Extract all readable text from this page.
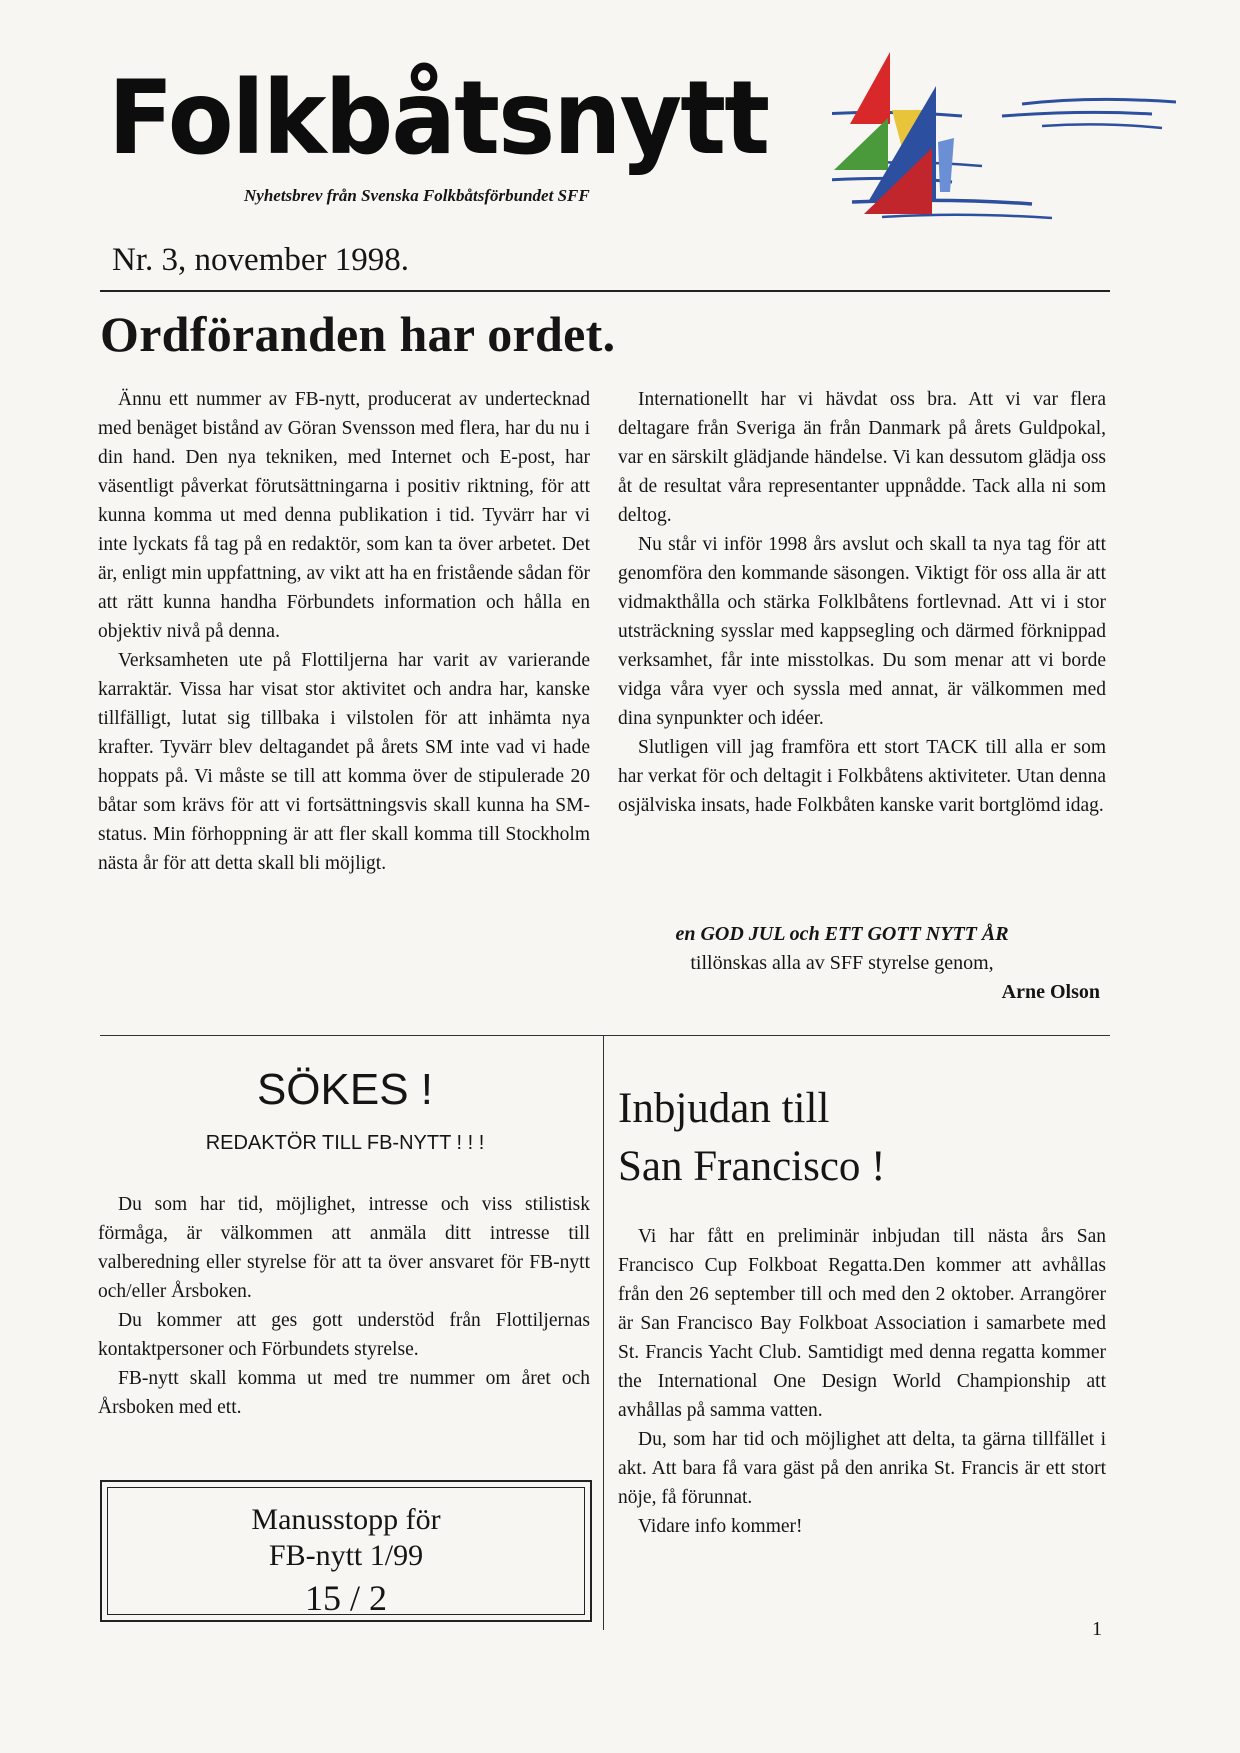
Folkbåtsnytt
Nyhetsbrev från Svenska Folkbåtsförbundet SFF
Nr. 3, november 1998.
Ordföranden har ordet.

Ännu ett nummer av FB-nytt, producerat av undertecknad med benäget bistånd av Göran Svensson med flera, har du nu i din hand. Den nya tekniken, med Internet och E-post, har väsentligt påverkat förutsättningarna i positiv riktning, för att kunna komma ut med denna publikation i tid. Tyvärr har vi inte lyckats få tag på en redaktör, som kan ta över arbetet. Det är, enligt min uppfattning, av vikt att ha en fristående sådan för att rätt kunna handha Förbundets information och hålla en objektiv nivå på denna.

Verksamheten ute på Flottiljerna har varit av varierande karraktär. Vissa har visat stor aktivitet och andra har, kanske tillfälligt, lutat sig tillbaka i vilstolen för att inhämta nya krafter. Tyvärr blev deltagandet på årets SM inte vad vi hade hoppats på. Vi måste se till att komma över de stipulerade 20 båtar som krävs för att vi fortsättningsvis skall kunna ha SM-status. Min förhoppning är att fler skall komma till Stockholm nästa år för att detta skall bli möjligt.

Internationellt har vi hävdat oss bra. Att vi var flera deltagare från Sveriga än från Danmark på årets Guldpokal, var en särskilt glädjande händelse. Vi kan dessutom glädja oss åt de resultat våra representanter uppnådde. Tack alla ni som deltog.

Nu står vi inför 1998 års avslut och skall ta nya tag för att genomföra den kommande säsongen. Viktigt för oss alla är att vidmakthålla och stärka Folklbåtens fortlevnad. Att vi i stor utsträckning sysslar med kappsegling och därmed förknippad verksamhet, får inte misstolkas. Du som menar att vi borde vidga våra vyer och syssla med annat, är välkommen med dina synpunkter och idéer.

Slutligen vill jag framföra ett stort TACK till alla er som har verkat för och deltagit i Folkbåtens aktiviteter. Utan denna osjälviska insats, hade Folkbåten kanske varit bortglömd idag.

en GOD JUL och ETT GOTT NYTT ÅR
tillönskas alla av SFF styrelse genom,
Arne Olson
SÖKES !
REDAKTÖR TILL FB-NYTT ! ! !

Du som har tid, möjlighet, intresse och viss stilistisk förmåga, är välkommen att anmäla ditt intresse till valberedning eller styrelse för att ta över ansvaret för FB-nytt och/eller Årsboken.

Du kommer att ges gott understöd från Flottiljernas kontaktpersoner och Förbundets styrelse.

FB-nytt skall komma ut med tre nummer om året och Årsboken med ett.

Manusstopp för
FB-nytt 1/99
15 / 2
Inbjudan till
San Francisco !

Vi har fått en preliminär inbjudan till nästa års San Francisco Cup Folkboat Regatta.Den kommer att avhållas från den 26 september till och med den 2 oktober. Arrangörer är San Francisco Bay Folkboat Association i samarbete med St. Francis Yacht Club. Samtidigt med denna regatta kommer the International One Design World Championship att avhållas på samma vatten.

Du, som har tid och möjlighet att delta, ta gärna tillfället i akt. Att bara få vara gäst på den anrika St. Francis är ett stort nöje, få förunnat.

Vidare info kommer!

1
